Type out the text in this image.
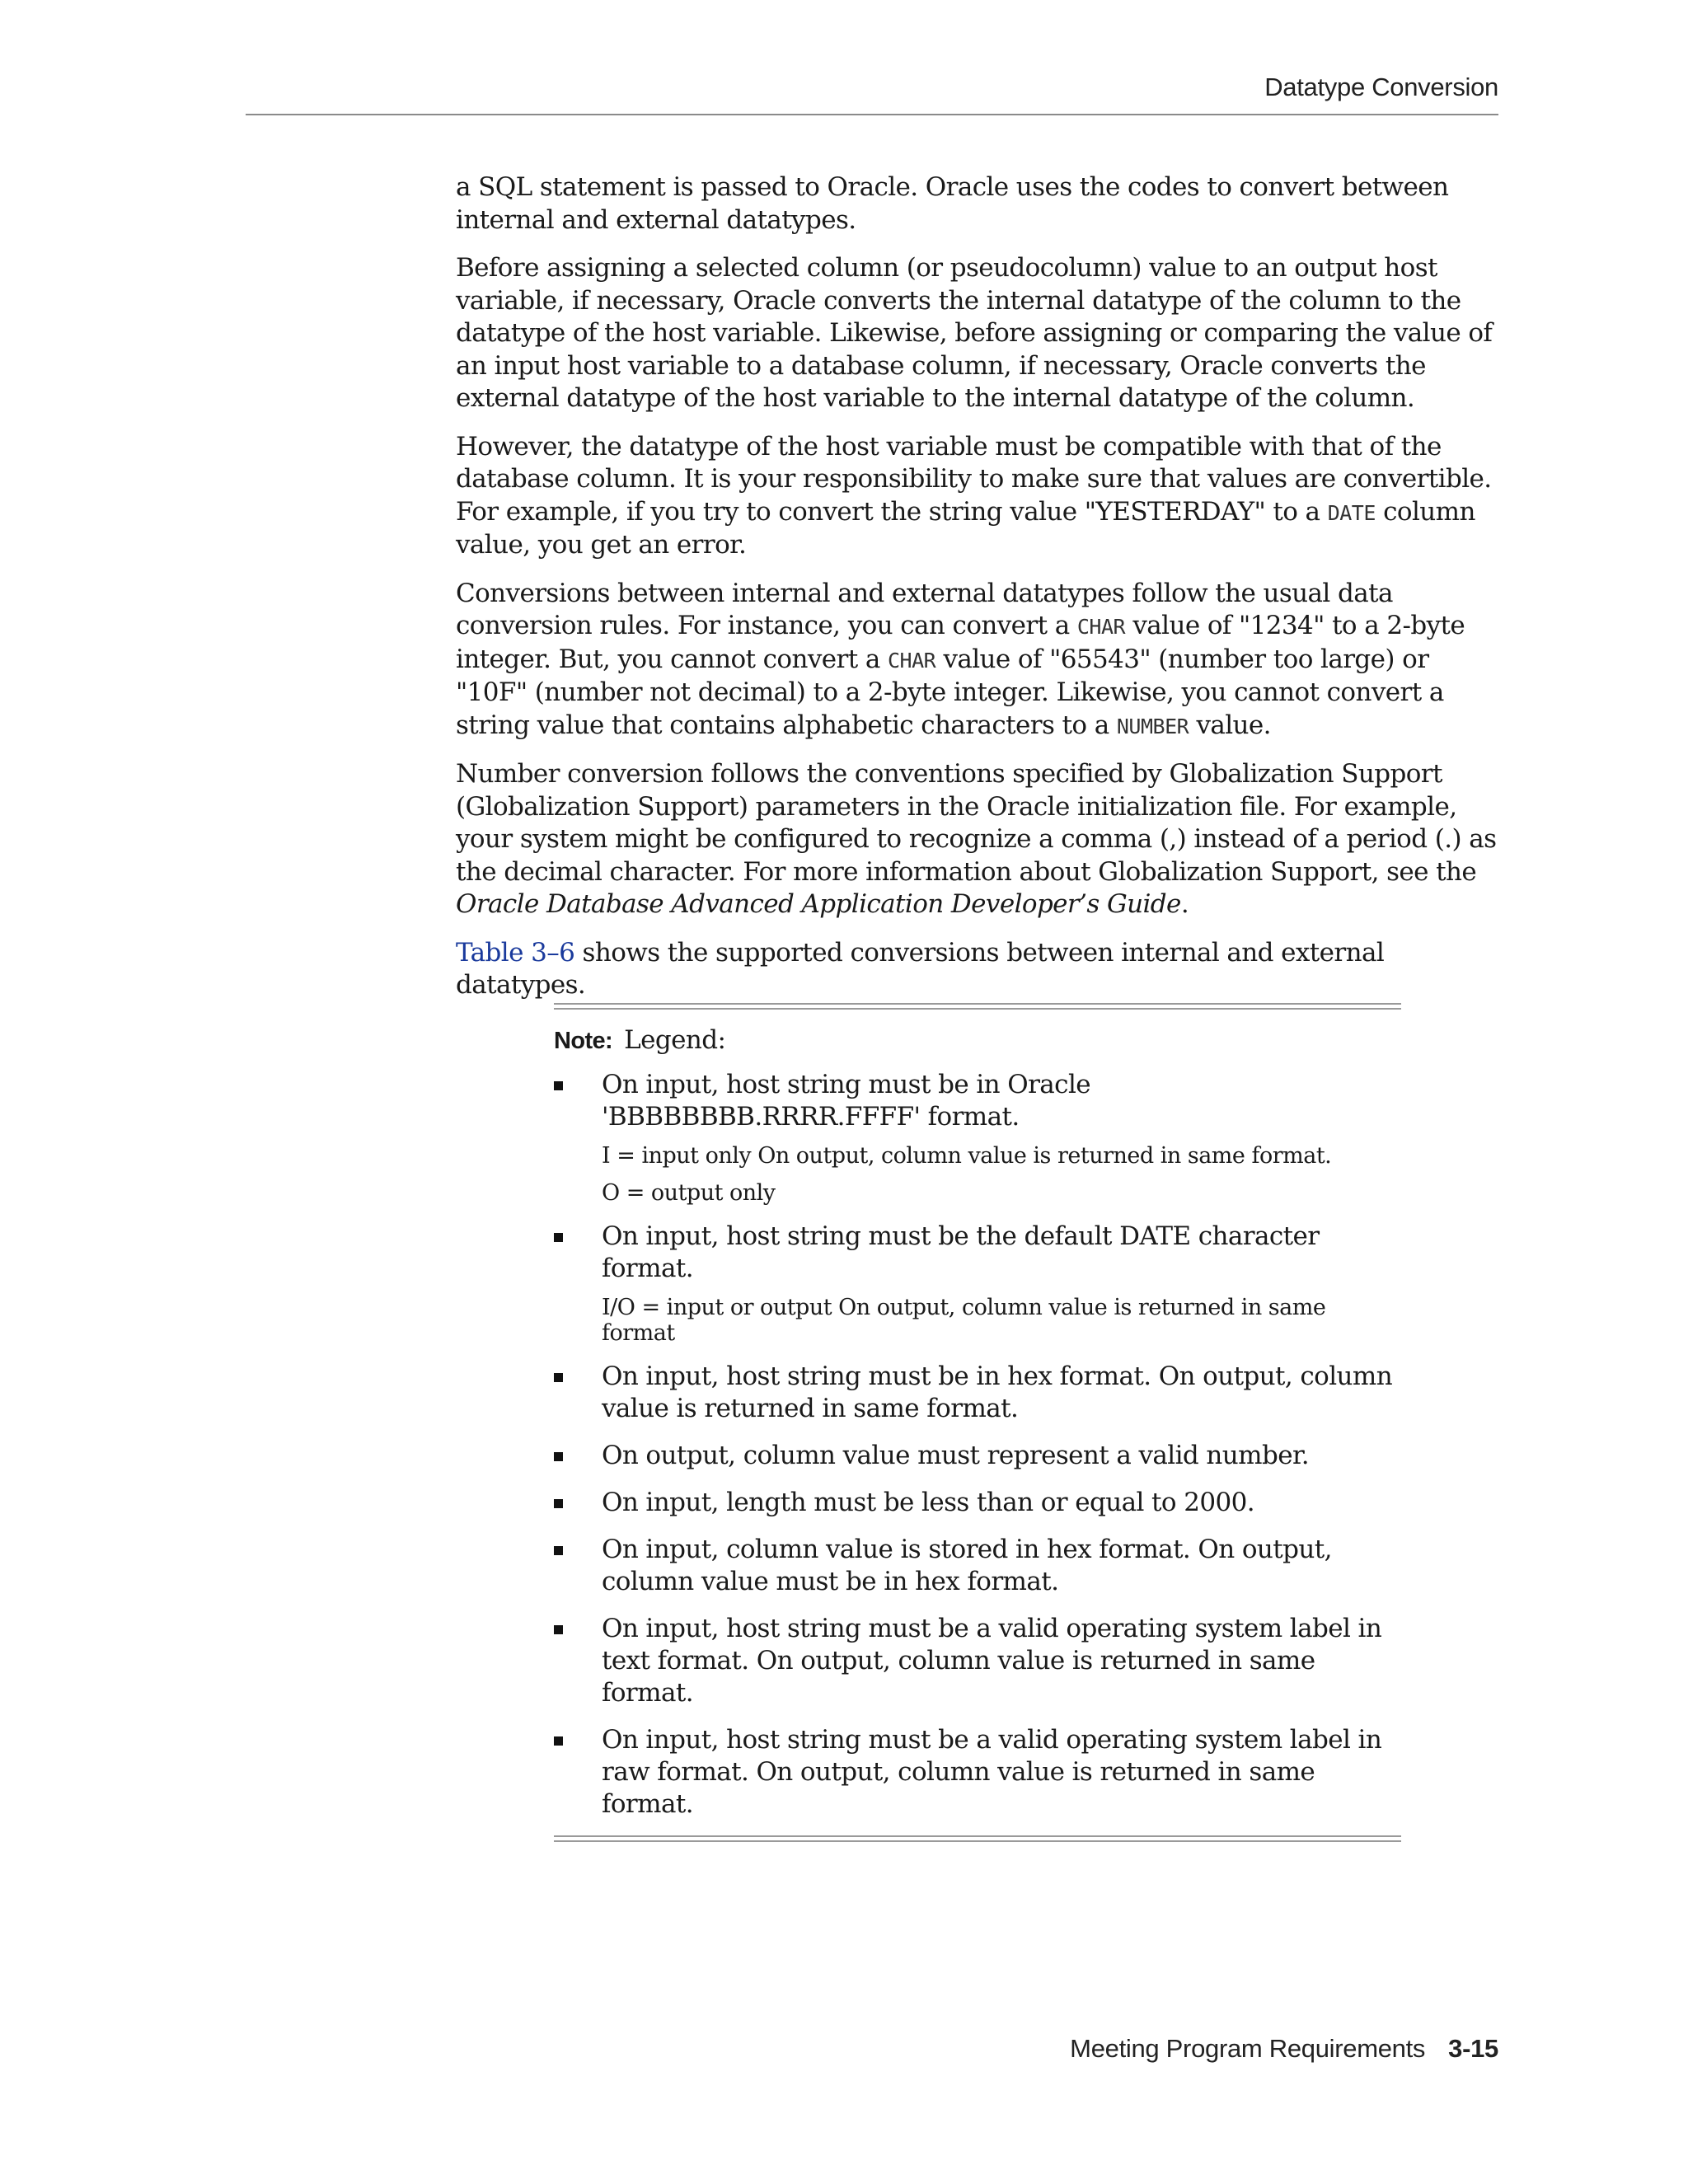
Datatype Conversion

a SQL statement is passed to Oracle. Oracle uses the codes to convert between internal and external datatypes.

Before assigning a selected column (or pseudocolumn) value to an output host variable, if necessary, Oracle converts the internal datatype of the column to the datatype of the host variable. Likewise, before assigning or comparing the value of an input host variable to a database column, if necessary, Oracle converts the external datatype of the host variable to the internal datatype of the column.

However, the datatype of the host variable must be compatible with that of the database column. It is your responsibility to make sure that values are convertible. For example, if you try to convert the string value "YESTERDAY" to a DATE column value, you get an error.

Conversions between internal and external datatypes follow the usual data conversion rules. For instance, you can convert a CHAR value of "1234" to a 2-byte integer. But, you cannot convert a CHAR value of "65543" (number too large) or "10F" (number not decimal) to a 2-byte integer. Likewise, you cannot convert a string value that contains alphabetic characters to a NUMBER value.

Number conversion follows the conventions specified by Globalization Support (Globalization Support) parameters in the Oracle initialization file. For example, your system might be configured to recognize a comma (,) instead of a period (.) as the decimal character. For more information about Globalization Support, see the Oracle Database Advanced Application Developer’s Guide.

Table 3–6 shows the supported conversions between internal and external datatypes.

Note: Legend:
On input, host string must be in Oracle 'BBBBBBBB.RRRR.FFFF' format.
I = input only On output, column value is returned in same format.
O = output only
On input, host string must be the default DATE character format.
I/O = input or output On output, column value is returned in same format
On input, host string must be in hex format. On output, column value is returned in same format.
On output, column value must represent a valid number.
On input, length must be less than or equal to 2000.
On input, column value is stored in hex format. On output, column value must be in hex format.
On input, host string must be a valid operating system label in text format. On output, column value is returned in same format.
On input, host string must be a valid operating system label in raw format. On output, column value is returned in same format.
Meeting Program Requirements 3-15
